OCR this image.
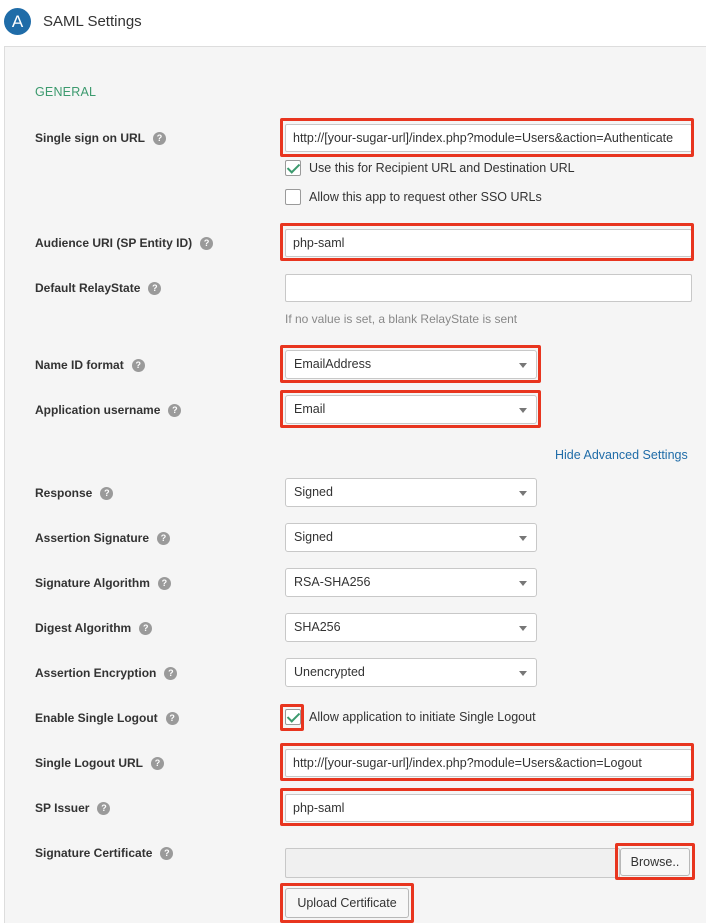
A	SAML Settings
GENERAL
Single sign on URL ?	http://[your-sugar-url]/index.php?module=Users&action=Authenticate
Use this for Recipient URL and Destination URL
Allow this app to request other SSO URLs
Audience URI (SP Entity ID) ?	php-saml
Default RelayState ?
If no value is set, a blank RelayState is sent
Name ID format ?	EmailAddress
Application username ?	Email
Hide Advanced Settings
Response ?	Signed
Assertion Signature ?	Signed
Signature Algorithm ?	RSA-SHA256
Digest Algorithm ?	SHA256
Assertion Encryption ?	Unencrypted
Enable Single Logout ?	Allow application to initiate Single Logout
Single Logout URL ?	http://[your-sugar-url]/index.php?module=Users&action=Logout
SP Issuer ?	php-saml
Signature Certificate ?
Browse..
Upload Certificate
